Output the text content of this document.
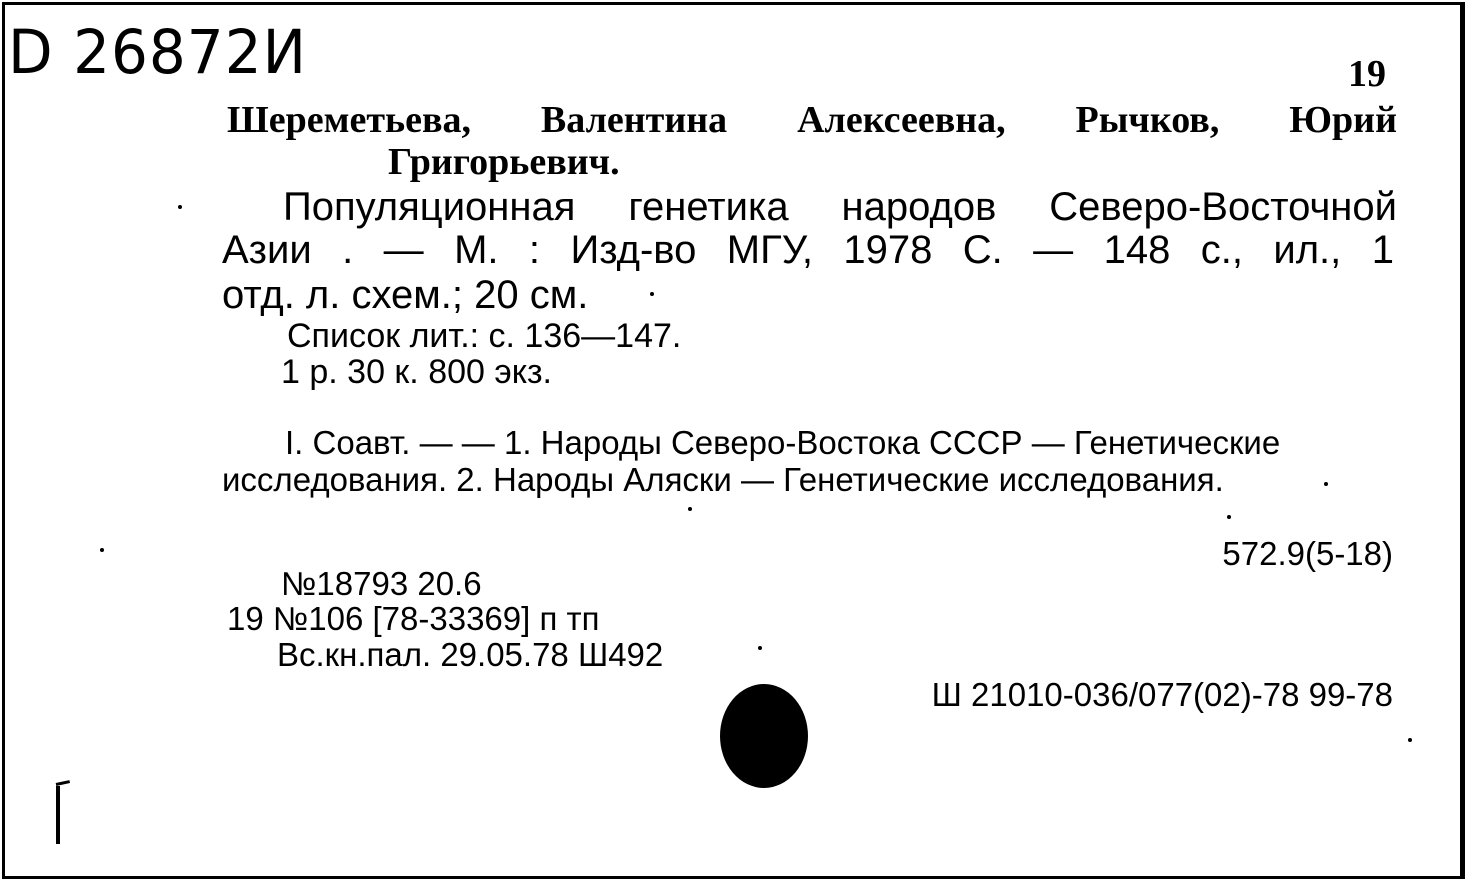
D 26872И	19
Шереметьева, Валентина Алексеевна, Рычков, Юрий
Григорьевич.
Популяционная генетика народов Северо-Восточной
Азии . — М. : Изд-во МГУ, 1978 С. — 148 с., ил., 1
отд. л. схем.; 20 см.
Список лит.: с. 136—147.
1 р. 30 к. 800 экз.
I. Соавт. — — 1. Народы Северо-Востока СССР — Генетические
исследования. 2. Народы Аляски — Генетические исследования.
572.9(5-18)
№18793 20.6
19 №106 [78-33369] п тп
Вс.кн.пал. 29.05.78 Ш492
Ш 21010-036/077(02)-78 99-78
